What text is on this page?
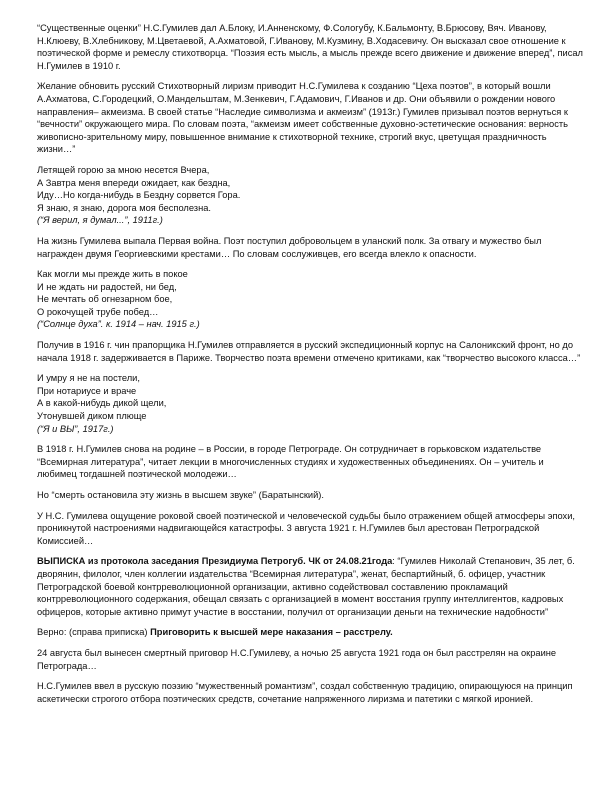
“Существенные оценки” Н.С.Гумилев дал А.Блоку, И.Анненскому, Ф.Сологубу, К.Бальмонту, В.Брюсову, Вяч. Иванову, Н.Клюеву, В.Хлебникову, М.Цветаевой, А.Ахматовой, Г.Иванову, М.Кузмину, В.Ходасевичу. Он высказал свое отношение к поэтической форме и ремеслу стихотворца. “Поэзия есть мысль, а мысль прежде всего движение и движение вперед”, писал Н.Гумилев в 1910 г.

Желание обновить русский Стихотворный лиризм приводит Н.С.Гумилева к созданию “Цеха поэтов”, в который вошли А.Ахматова, С.Городецкий, О.Мандельштам, М.Зенкевич, Г.Адамович, Г.Иванов и др. Они объявили о рождении нового направления– акмеизма. В своей статье “Наследие символизма и акмеизм” (1913г.) Гумилев призывал поэтов вернуться к “вечности” окружающего мира. По словам поэта, “акмеизм имеет собственные духовно-эстетические основания: верность живописно-зрительному миру, повышенное внимание к стихотворной технике, строгий вкус, цветущая праздничность жизни…”

Летящей горою за мною несется Вчера,
А Завтра меня впереди ожидает, как бездна,
Иду…Но когда-нибудь в Бездну сорвется Гора.
Я знаю, я знаю, дорога моя бесполезна.
(“Я верил, я думал...”, 1911г.)

На жизнь Гумилева выпала Первая война. Поэт поступил добровольцем в уланский полк. За отвагу и мужество был награжден двумя Георгиевскими крестами… По словам сослуживцев, его всегда влекло к опасности.

Как могли мы прежде жить в покое
И не ждать ни радостей, ни бед,
Не мечтать об огнезарном бое,
О рокочущей трубе побед…
(“Солнце духа”. к. 1914 – нач. 1915 г.)

Получив в 1916 г. чин прапорщика Н.Гумилев отправляется в русский экспедиционный корпус на Салоникский фронт, но до начала 1918 г. задерживается в Париже. Творчество поэта времени отмечено критиками, как “творчество высокого класса…”

И умру я не на постели,
При нотариусе и враче
А в какой-нибудь дикой щели,
Утонувшей диком плюще
(“Я и ВЫ”, 1917г.)

В 1918 г. Н.Гумилев снова на родине – в России, в городе Петрограде. Он сотрудничает в горьковском издательстве “Всемирная литература”, читает лекции в многочисленных студиях и художественных объединениях. Он – учитель и любимец тогдашней поэтической молодежи…

Но “смерть остановила эту жизнь в высшем звуке” (Баратынский).

У Н.С. Гумилева ощущение роковой своей поэтической и человеческой судьбы было отражением общей атмосферы эпохи, проникнутой настроениями надвигающейся катастрофы. 3 августа 1921 г. Н.Гумилев был арестован Петроградской Комиссией…

ВЫПИСКА из протокола заседания Президиума Петрогуб. ЧК от 24.08.21года: “Гумилев Николай Степанович, 35 лет, б. дворянин, филолог, член коллегии издательства “Всемирная литература”, женат, беспартийный, б. офицер, участник Петроградской боевой контрреволюционной организации, активно содействовал составлению прокламаций контрреволюционного содержания, обещал связать с организацией в момент восстания группу интеллигентов, кадровых офицеров, которые активно примут участие в восстании, получил от организации деньги на технические надобности”

Верно: (справа приписка) Приговорить к высшей мере наказания – расстрелу.

24 августа был вынесен смертный приговор Н.С.Гумилеву, а ночью 25 августа 1921 года он был расстрелян на окраине Петрограда…

Н.С.Гумилев ввел в русскую поэзию “мужественный романтизм”, создал собственную традицию, опирающуюся на принцип аскетически строгого отбора поэтических средств, сочетание напряженного лиризма и патетики с мягкой иронией.
